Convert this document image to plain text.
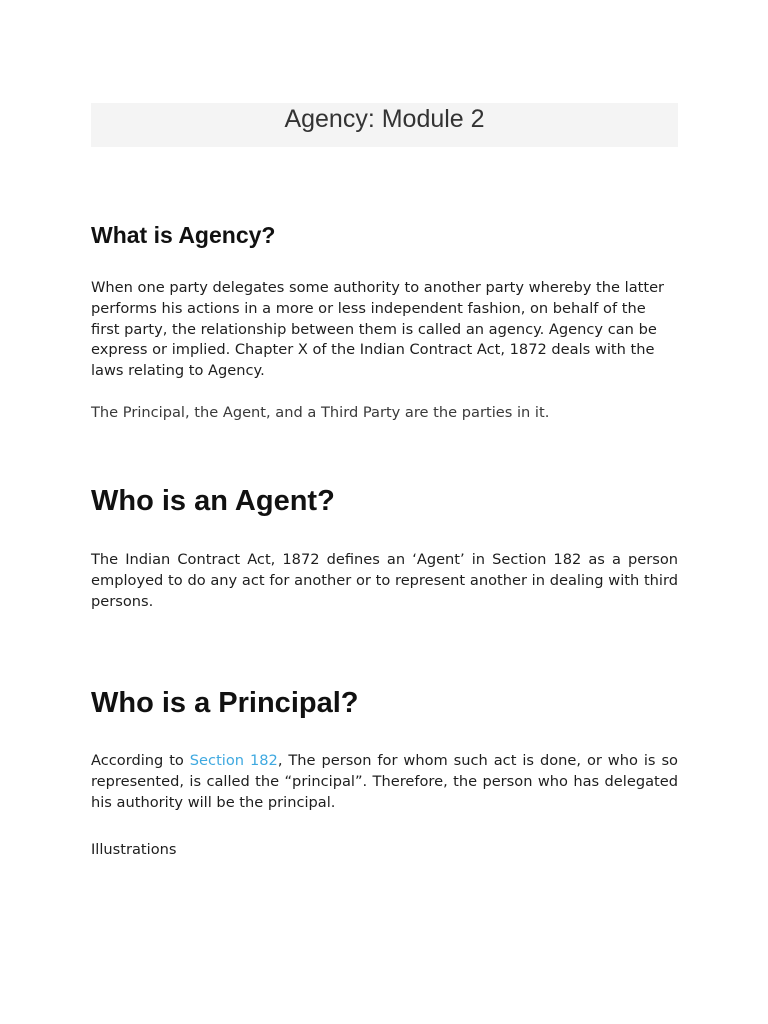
Agency: Module 2
What is Agency?

When one party delegates some authority to another party whereby the latter performs his actions in a more or less independent fashion, on behalf of the first party, the relationship between them is called an agency. Agency can be express or implied. Chapter X of the Indian Contract Act, 1872 deals with the laws relating to Agency.

The Principal, the Agent, and a Third Party are the parties in it.

Who is an Agent?

The Indian Contract Act, 1872 defines an ‘Agent’ in Section 182 as a person employed to do any act for another or to represent another in dealing with third persons.

Who is a Principal?

According to Section 182, The person for whom such act is done, or who is so represented, is called the “principal”. Therefore, the person who has delegated his authority will be the principal.

Illustrations
